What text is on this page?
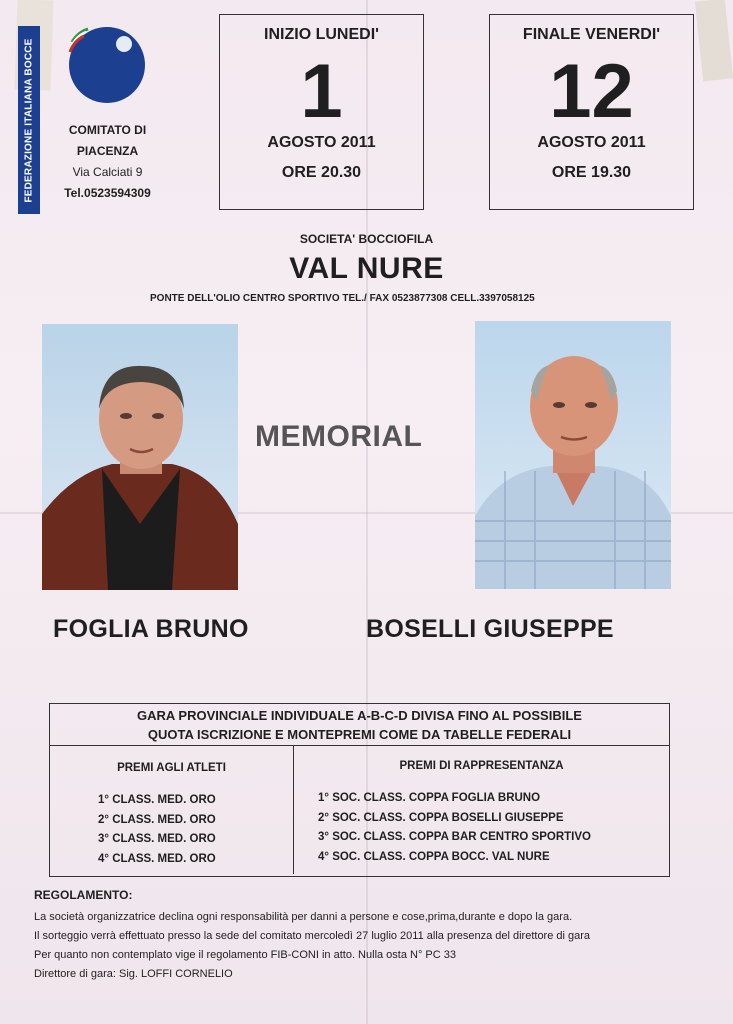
FEDERAZIONE ITALIANA BOCCE	COMITATO DI
PIACENZA
Via Calciati 9
Tel.0523594309
INIZIO LUNEDI'
1
AGOSTO 2011
ORE 20.30
FINALE VENERDI'
12
AGOSTO 2011
ORE 19.30
SOCIETA' BOCCIOFILA
VAL NURE
PONTE DELL'OLIO CENTRO SPORTIVO TEL./ FAX 0523877308 CELL.3397058125
MEMORIAL
FOGLIA BRUNO	BOSELLI GIUSEPPE
GARA PROVINCIALE INDIVIDUALE A-B-C-D DIVISA FINO AL POSSIBILE
QUOTA ISCRIZIONE E MONTEPREMI COME DA TABELLE FEDERALI
PREMI AGLI ATLETI
1° CLASS. MED. ORO
2° CLASS. MED. ORO
3° CLASS. MED. ORO
4° CLASS. MED. ORO
PREMI DI RAPPRESENTANZA
1° SOC. CLASS. COPPA FOGLIA BRUNO
2° SOC. CLASS. COPPA BOSELLI GIUSEPPE
3° SOC. CLASS. COPPA BAR CENTRO SPORTIVO
4° SOC. CLASS. COPPA BOCC. VAL NURE
REGOLAMENTO:
La società organizzatrice declina ogni responsabilità per danni a persone e cose,prima,durante e dopo la gara.
Il sorteggio verrà effettuato presso la sede del comitato mercoledì 27 luglio 2011 alla presenza del direttore di gara
Per quanto non contemplato vige il regolamento FIB-CONI in atto. Nulla osta N° PC 33
Direttore di gara: Sig. LOFFI CORNELIO
